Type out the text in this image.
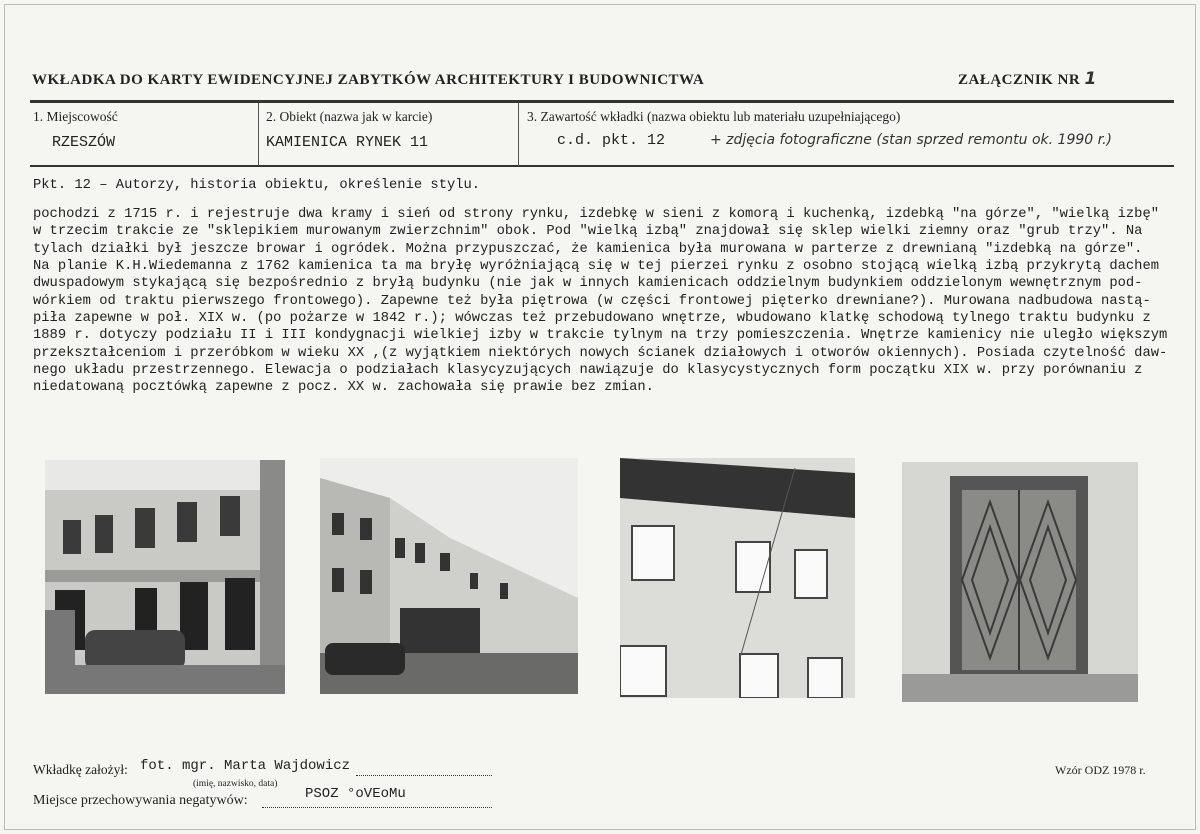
WKŁADKA DO KARTY EWIDENCYJNEJ ZABYTKÓW ARCHITEKTURY I BUDOWNICTWA	ZAŁĄCZNIK NR 1
1. Miejscowość
RZESZÓW
2. Obiekt (nazwa jak w karcie)
KAMIENICA RYNEK 11
3. Zawartość wkładki (nazwa obiektu lub materiału uzupełniającego)
c.d. pkt. 12	+ zdjęcia fotograficzne (stan sprzed remontu ok. 1990 r.)
Pkt. 12 – Autorzy, historia obiektu, określenie stylu.
pochodzi z 1715 r. i rejestruje dwa kramy i sień od strony rynku, izdebkę w sieni z komorą i kuchenką, izdebką "na górze", "wielką izbę"
w trzecim trakcie ze "sklepikiem murowanym zwierzchnim" obok. Pod "wielką izbą" znajdował się sklep wielki ziemny oraz "grub trzy". Na
tylach działki był jeszcze browar i ogródek. Można przypuszczać, że kamienica była murowana w parterze z drewnianą "izdebką na górze".
Na planie K.H.Wiedemanna z 1762 kamienica ta ma bryłę wyróżniającą się w tej pierzei rynku z osobno stojącą wielką izbą przykrytą dachem
dwuspadowym stykającą się bezpośrednio z bryłą budynku (nie jak w innych kamienicach oddzielnym budynkiem oddzielonym wewnętrznym pod-
wórkiem od traktu pierwszego frontowego). Zapewne też była piętrowa (w części frontowej pięterko drewniane?). Murowana nadbudowa nastą-
piła zapewne w poł. XIX w. (po pożarze w 1842 r.); wówczas też przebudowano wnętrze, wbudowano klatkę schodową tylnego traktu budynku z
1889 r. dotyczy podziału II i III kondygnacji wielkiej izby w trakcie tylnym na trzy pomieszczenia. Wnętrze kamienicy nie uległo większym
przekształceniom i przeróbkom w wieku XX ,(z wyjątkiem niektórych nowych ścianek działowych i otworów okiennych). Posiada czytelność daw-
nego układu przestrzennego. Elewacja o podziałach klasycyzujących nawiązuje do klasycystycznych form początku XIX w. przy porównaniu z
niedatowaną pocztówką zapewne z pocz. XX w. zachowała się prawie bez zmian.
Wkładkę założył: fot. mgr. Marta Wajdowicz
(imię, nazwisko, data)
Miejsce przechowywania negatywów:	PSOZ °oVEoMu
Wzór ODZ 1978 r.
